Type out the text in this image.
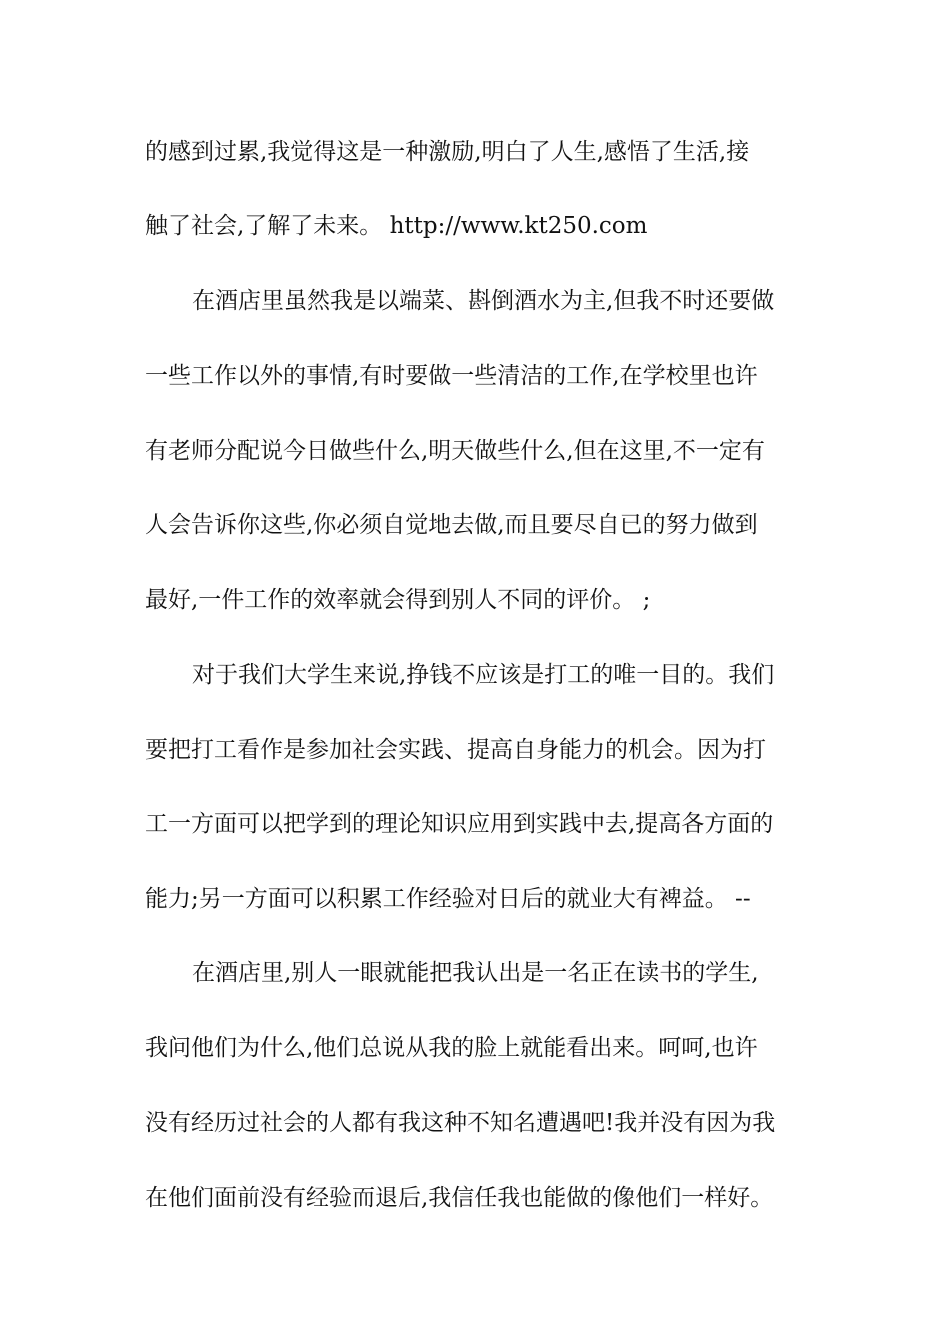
的感到过累,我觉得这是一种激励,明白了人生,感悟了生活,接
触了社会,了解了未来。 http://www.kt250.com
在酒店里虽然我是以端菜、斟倒酒水为主,但我不时还要做
一些工作以外的事情,有时要做一些清洁的工作,在学校里也许
有老师分配说今日做些什么,明天做些什么,但在这里,不一定有
人会告诉你这些,你必须自觉地去做,而且要尽自已的努力做到
最好,一件工作的效率就会得到别人不同的评价。 ;
对于我们大学生来说,挣钱不应该是打工的唯一目的。我们
要把打工看作是参加社会实践、提高自身能力的机会。因为打
工一方面可以把学到的理论知识应用到实践中去,提高各方面的
能力;另一方面可以积累工作经验对日后的就业大有裨益。 --
在酒店里,别人一眼就能把我认出是一名正在读书的学生,
我问他们为什么,他们总说从我的脸上就能看出来。呵呵,也许
没有经历过社会的人都有我这种不知名遭遇吧!我并没有因为我
在他们面前没有经验而退后,我信任我也能做的像他们一样好。
